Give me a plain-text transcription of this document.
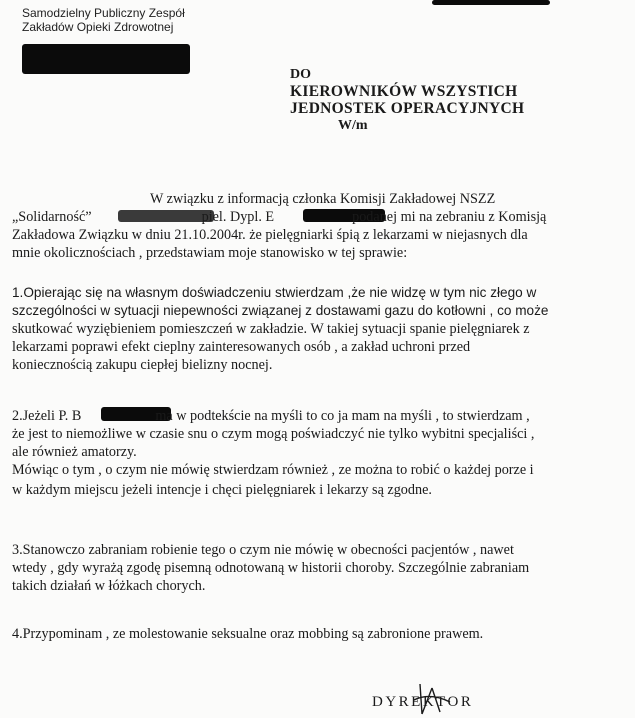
Samodzielny Publiczny Zespół
Zakładów Opieki Zdrowotnej
DO
KIEROWNIKÓW WSZYSTICH
JEDNOSTEK OPERACYJNYCH
W/m
W związku z informacją członka Komisji Zakładowej NSZZ
„Solidarność”	piel. Dypl. E	podanej mi na zebraniu z Komisją
Zakładowa Związku w dniu 21.10.2004r. że pielęgniarki śpią z lekarzami w niejasnych dla
mnie okolicznościach , przedstawiam moje stanowisko w tej sprawie:
1.Opierając się na własnym doświadczeniu stwierdzam ,że nie widzę w tym nic złego w
szczególności w sytuacji niepewności związanej z dostawami gazu do kotłowni , co może
skutkować wyziębieniem pomieszczeń w zakładzie. W takiej sytuacji spanie pielęgniarek z
lekarzami poprawi efekt cieplny zainteresowanych osób , a zakład uchroni przed
koniecznością zakupu ciepłej bielizny nocnej.
2.Jeżeli P. B	ma w podtekście na myśli to co ja mam na myśli , to stwierdzam ,
że jest to niemożliwe w czasie snu o czym mogą poświadczyć nie tylko wybitni specjaliści ,
ale również amatorzy.
Mówiąc o tym , o czym nie mówię stwierdzam również , ze można to robić o każdej porze i
w każdym miejscu jeżeli intencje i chęci pielęgniarek i lekarzy są zgodne.
3.Stanowczo zabraniam robienie tego o czym nie mówię w obecności pacjentów , nawet
wtedy , gdy wyrażą zgodę pisemną odnotowaną w historii choroby. Szczególnie zabraniam
takich działań w łóżkach chorych.
4.Przypominam , ze molestowanie seksualne oraz mobbing są zabronione prawem.
DYREKTOR
